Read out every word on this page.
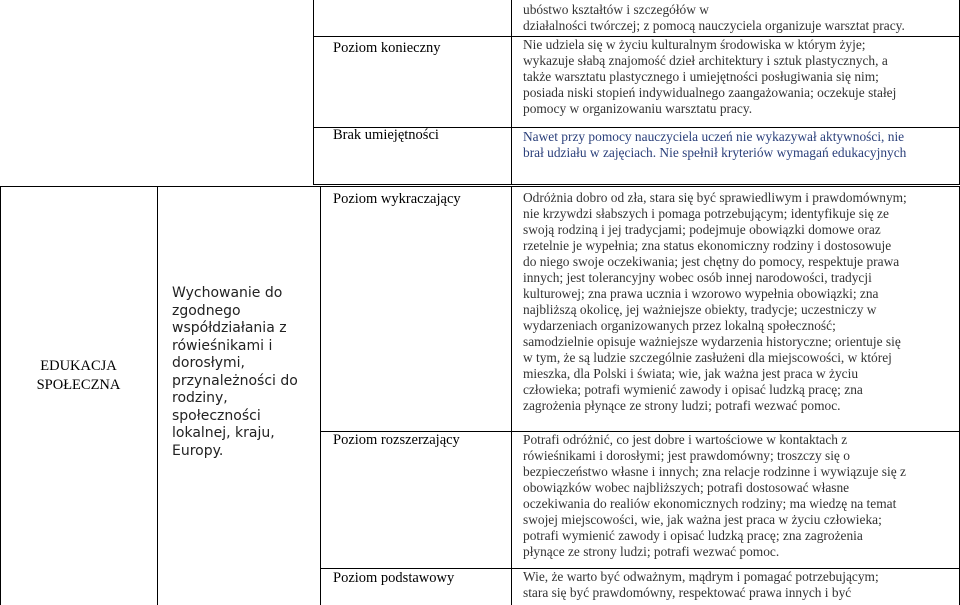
ubóstwo kształtów i szczegółów w
działalności twórczej; z pomocą nauczyciela organizuje warsztat pracy.
Poziom konieczny	Nie udziela się w życiu kulturalnym środowiska w którym żyje;
wykazuje słabą znajomość dzieł architektury i sztuk plastycznych, a
także warsztatu plastycznego i umiejętności posługiwania się nim;
posiada niski stopień indywidualnego zaangażowania; oczekuje stałej
pomocy w organizowaniu warsztatu pracy.
Brak umiejętności	Nawet przy pomocy nauczyciela uczeń nie wykazywał aktywności, nie
brał udziału w zajęciach. Nie spełnił kryteriów wymagań edukacyjnych
EDUKACJA
SPOŁECZNA
Wychowanie do
zgodnego
współdziałania z
rówieśnikami i
dorosłymi,
przynależności do
rodziny, społeczności
lokalnej, kraju,
Europy.
Poziom wykraczający	Odróżnia dobro od zła, stara się być sprawiedliwym i prawdomównym;
nie krzywdzi słabszych i pomaga potrzebującym; identyfikuje się ze
swoją rodziną i jej tradycjami; podejmuje obowiązki domowe oraz
rzetelnie je wypełnia; zna status ekonomiczny rodziny i dostosowuje
do niego swoje oczekiwania; jest chętny do pomocy, respektuje prawa
innych; jest tolerancyjny wobec osób innej narodowości, tradycji
kulturowej; zna prawa ucznia i wzorowo wypełnia obowiązki; zna
najbliższą okolicę, jej ważniejsze obiekty, tradycje; uczestniczy w
wydarzeniach organizowanych przez lokalną społeczność;
samodzielnie opisuje ważniejsze wydarzenia historyczne; orientuje się
w tym, że są ludzie szczególnie zasłużeni dla miejscowości, w której
mieszka, dla Polski i świata; wie, jak ważna jest praca w życiu
człowieka; potrafi wymienić zawody i opisać ludzką pracę; zna
zagrożenia płynące ze strony ludzi; potrafi wezwać pomoc.
Poziom rozszerzający	Potrafi odróżnić, co jest dobre i wartościowe w kontaktach z
rówieśnikami i dorosłymi; jest prawdomówny; troszczy się o
bezpieczeństwo własne i innych; zna relacje rodzinne i wywiązuje się z
obowiązków wobec najbliższych; potrafi dostosować własne
oczekiwania do realiów ekonomicznych rodziny; ma wiedzę na temat
swojej miejscowości, wie, jak ważna jest praca w życiu człowieka;
potrafi wymienić zawody i opisać ludzką pracę; zna zagrożenia
płynące ze strony ludzi; potrafi wezwać pomoc.
Poziom podstawowy	Wie, że warto być odważnym, mądrym i pomagać potrzebującym;
stara się być prawdomówny, respektować prawa innych i być
